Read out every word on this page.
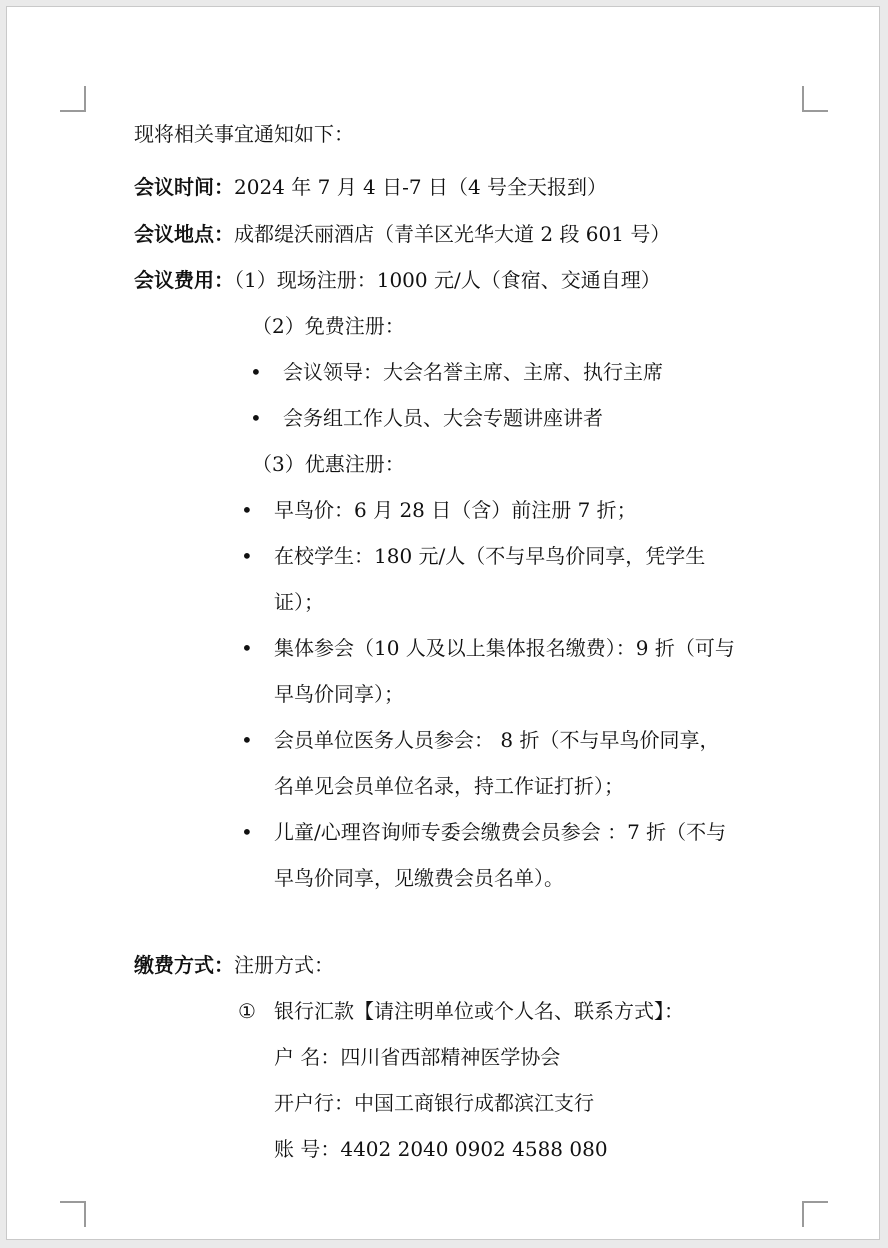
现将相关事宜通知如下：
会议时间：2024 年 7 月 4 日-7 日（4 号全天报到）
会议地点：成都缇沃丽酒店（青羊区光华大道 2 段 601 号）
会议费用：（1）现场注册：1000 元/人（食宿、交通自理）
（2）免费注册：
• 会议领导：大会名誉主席、主席、执行主席
• 会务组工作人员、大会专题讲座讲者
（3）优惠注册：
• 早鸟价：6 月 28 日（含）前注册 7 折；
• 在校学生：180 元/人（不与早鸟价同享，凭学生
证）；
• 集体参会（10 人及以上集体报名缴费）：9 折（可与
早鸟价同享）；
• 会员单位医务人员参会： 8 折（不与早鸟价同享，
名单见会员单位名录，持工作证打折）；
• 儿童/心理咨询师专委会缴费会员参会 ：7 折（不与
早鸟价同享，见缴费会员名单）。
缴费方式：注册方式：
① 银行汇款【请注明单位或个人名、联系方式】：
户 名：四川省西部精神医学协会
开户行：中国工商银行成都滨江支行
账 号：4402 2040 0902 4588 080
